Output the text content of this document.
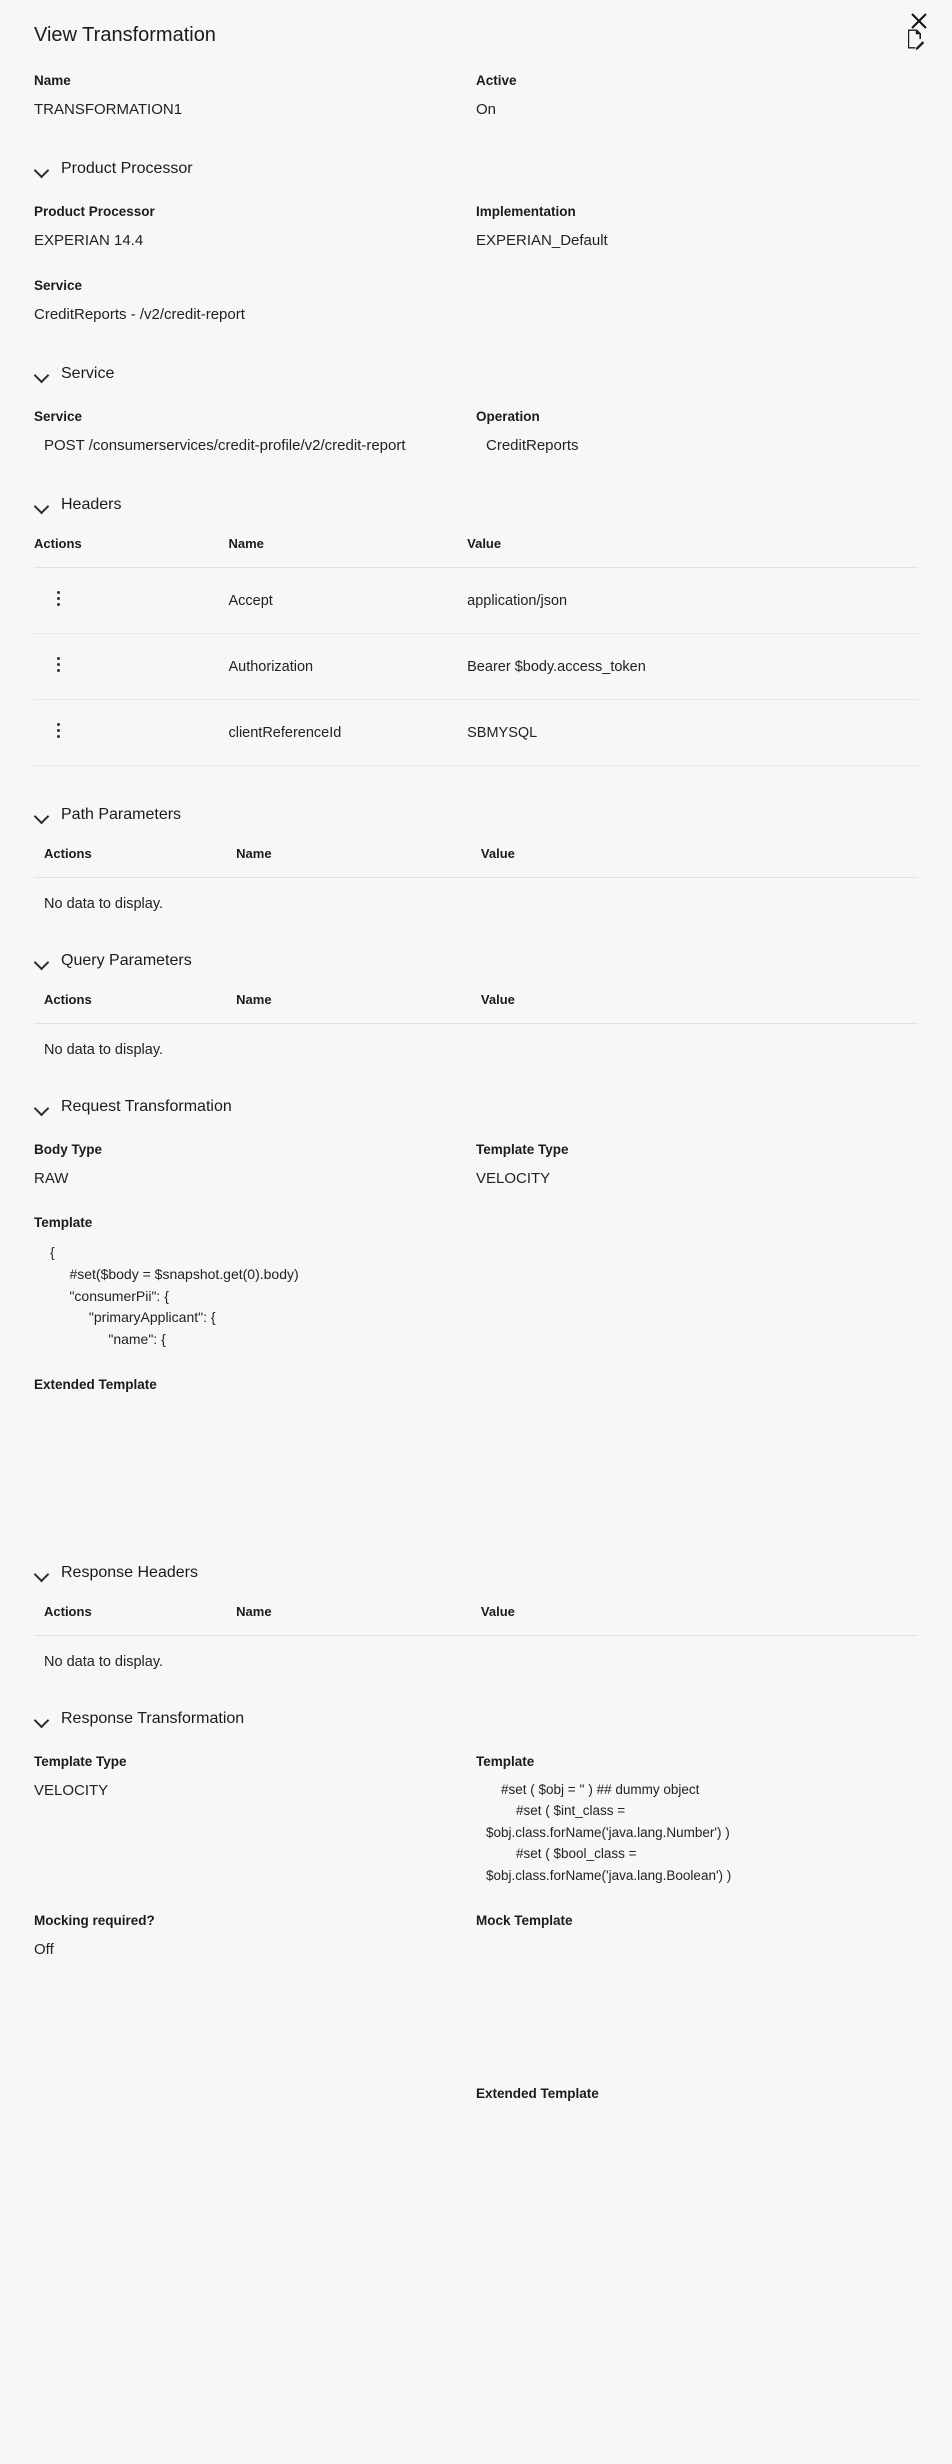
View Transformation
Name
TRANSFORMATION1
Active
On
Product Processor
Product Processor
EXPERIAN 14.4
Implementation
EXPERIAN_Default
Service
CreditReports - /v2/credit-report
Service
Service
POST /consumerservices/credit-profile/v2/credit-report
Operation
CreditReports
Headers
Actions	Name	Value

	Accept	application/json

	Authorization	Bearer $body.access_token

	clientReferenceId	SBMYSQL
Path Parameters
Actions	Name	Value
No data to display.
Query Parameters
Actions	Name	Value
No data to display.
Request Transformation
Body Type
RAW
Template Type
VELOCITY
Template
{
#set($body = $snapshot.get(0).body)
"consumerPii": {
"primaryApplicant": {
"name": {
Extended Template
Response Headers
Actions	Name	Value
No data to display.
Response Transformation
Template Type
VELOCITY
Template
#set ( $obj = '' ) ## dummy object
#set ( $int_class =
$obj.class.forName('java.lang.Number') )
#set ( $bool_class =
$obj.class.forName('java.lang.Boolean') )
Mocking required?
Off
Mock Template
Extended Template
